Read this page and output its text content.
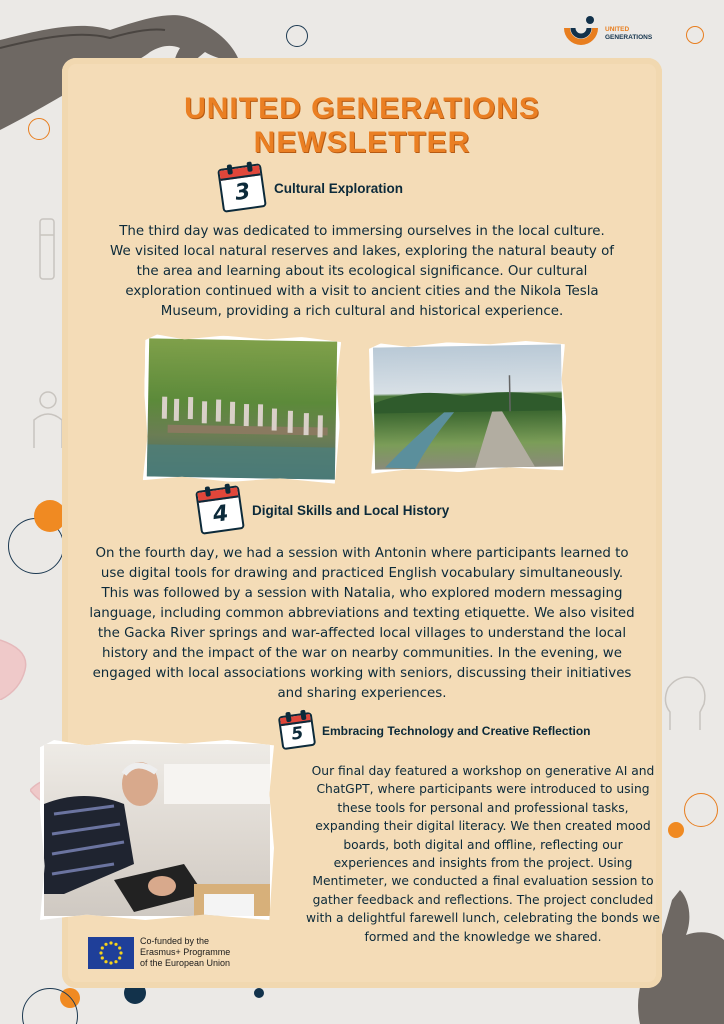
UNITED
GENERATIONS
UNITED GENERATIONS
NEWSLETTER
3	Cultural Exploration
The third day was dedicated to immersing ourselves in the local culture.
We visited local natural reserves and lakes, exploring the natural beauty of
the area and learning about its ecological significance. Our cultural
exploration continued with a visit to ancient cities and the Nikola Tesla
Museum, providing a rich cultural and historical experience.
4	Digital Skills and Local History
On the fourth day, we had a session with Antonin where participants learned to
use digital tools for drawing and practiced English vocabulary simultaneously.
This was followed by a session with Natalia, who explored modern messaging
language, including common abbreviations and texting etiquette. We also visited
the Gacka River springs and war-affected local villages to understand the local
history and the impact of the war on nearby communities. In the evening, we
engaged with local associations working with seniors, discussing their initiatives
and sharing experiences.
5	Embracing Technology and Creative Reflection
Our final day featured a workshop on generative AI and
ChatGPT, where participants were introduced to using
these tools for personal and professional tasks,
expanding their digital literacy. We then created mood
boards, both digital and offline, reflecting our
experiences and insights from the project. Using
Mentimeter, we conducted a final evaluation session to
gather feedback and reflections. The project concluded
with a delightful farewell lunch, celebrating the bonds we
formed and the knowledge we shared.
Co-funded by the
Erasmus+ Programme
of the European Union
